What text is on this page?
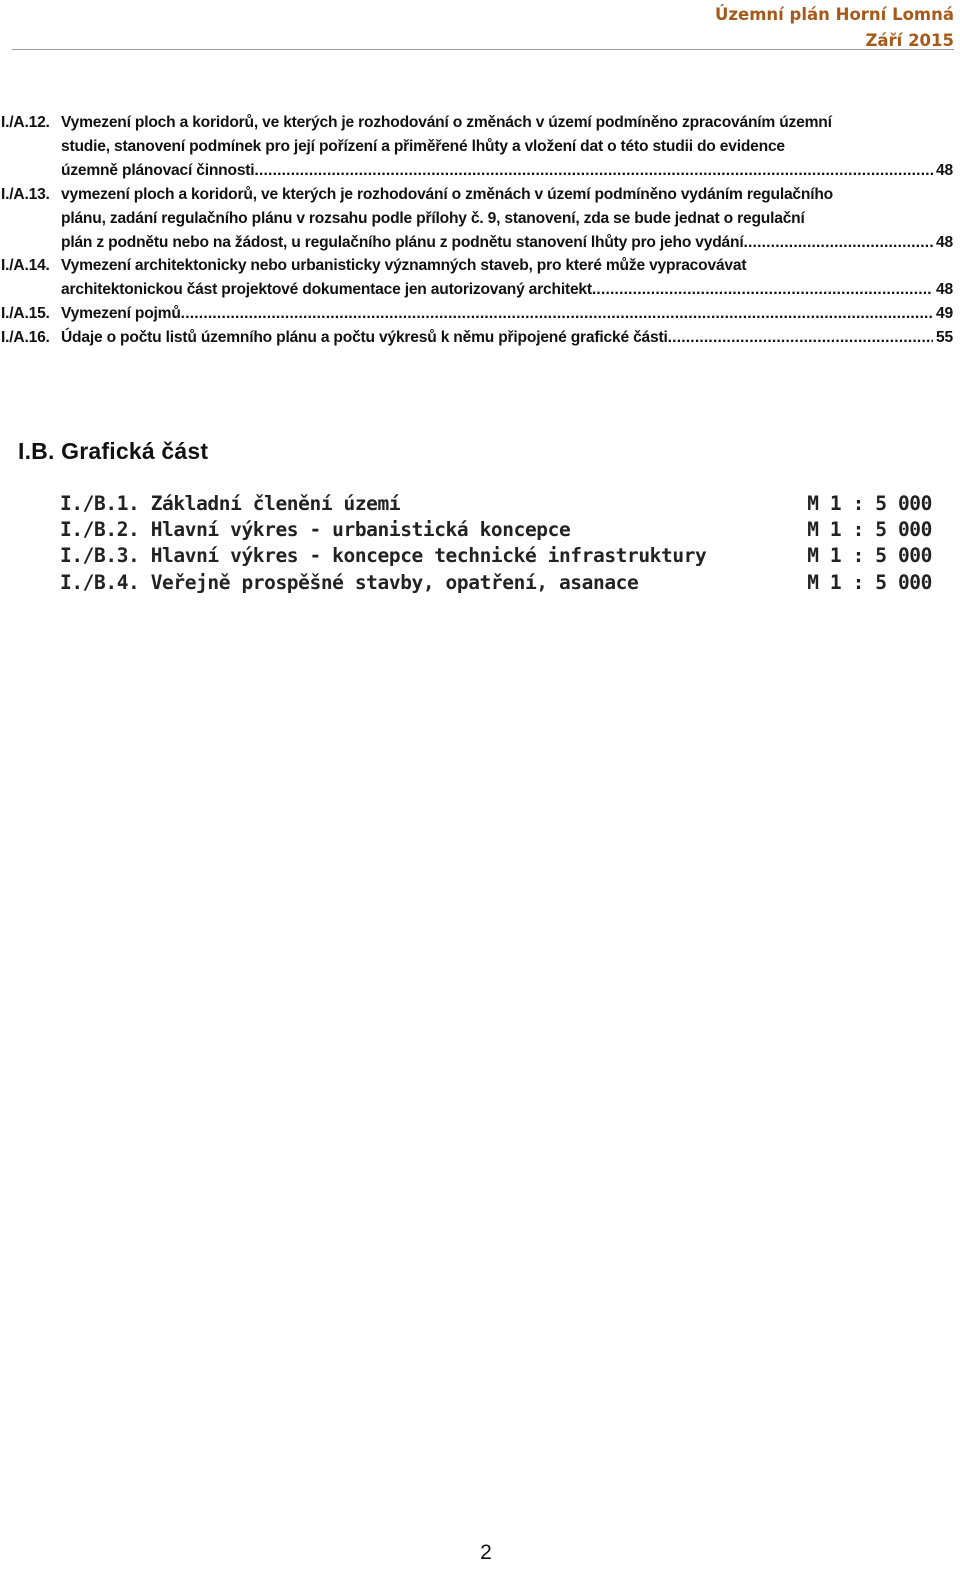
Územní plán Horní Lomná
Září 2015
I./A.12. Vymezení ploch a koridorů, ve kterých je rozhodování o změnách v území podmíněno zpracováním územní
studie, stanovení podmínek pro její pořízení a přiměřené lhůty a vložení dat o této studii do evidence
územně plánovací činnosti .....	48
I./A.13. vymezení ploch a koridorů, ve kterých je rozhodování o změnách v území podmíněno vydáním regulačního
plánu, zadání regulačního plánu v rozsahu podle přílohy č. 9, stanovení, zda se bude jednat o regulační
plán z podnětu nebo na žádost, u regulačního plánu z podnětu stanovení lhůty pro jeho vydání .....	48
I./A.14. Vymezení architektonicky nebo urbanisticky významných staveb, pro které může vypracovávat
architektonickou část projektové dokumentace jen autorizovaný architekt .....	48
I./A.15. Vymezení pojmů .....	49
I./A.16. Údaje o počtu listů územního plánu a počtu výkresů k němu připojené grafické části .....	55
I.B. Grafická část
I./B.1. Základní členění území	M 1 : 5 000
I./B.2. Hlavní výkres - urbanistická koncepce	M 1 : 5 000
I./B.3. Hlavní výkres - koncepce technické infrastruktury	M 1 : 5 000
I./B.4. Veřejně prospěšné stavby, opatření, asanace	M 1 : 5 000
2
